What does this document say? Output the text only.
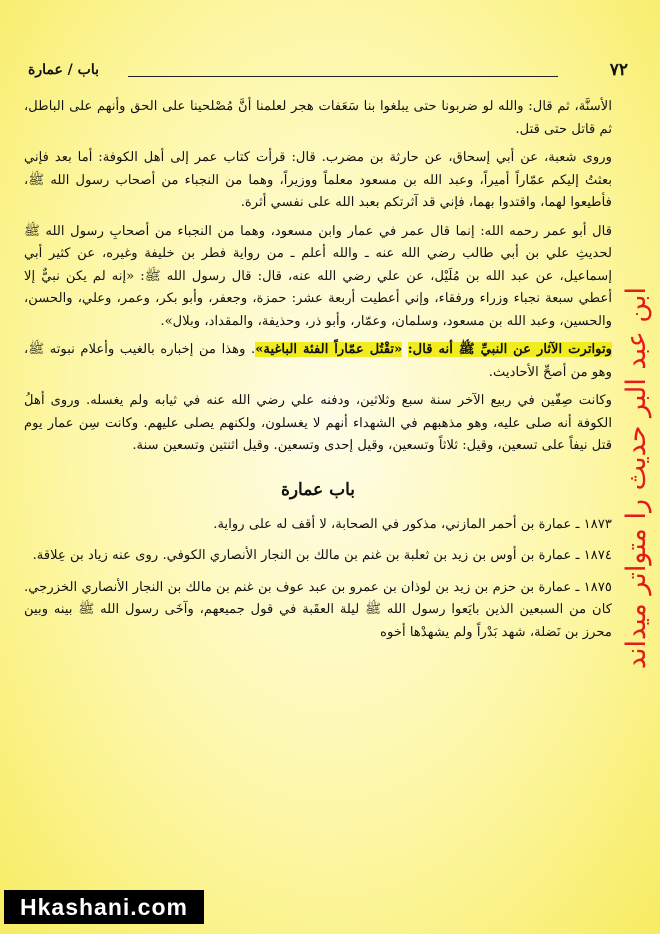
٧٢
باب / عمارة

الأسنَّة، ثم قال: والله لو ضربونا حتى يبلغوا بنا سَعَفات هجر لعلمنا أنَّ مُصْلحينا على الحق وأنهم على الباطل، ثم قاتل حتى قتل.

وروى شعبة، عن أبي إسحاق، عن حارثة بن مضرب. قال: قرأت كتاب عمر إلى أهل الكوفة: أما بعد فإني بعثتُ إليكم عمّاراً أميراً، وعبد الله بن مسعود معلماً ووزيراً، وهما من النجباء من أصحاب رسول الله ﷺ، فأطيعوا لهما، واقتدوا بهما، فإني قد آثرتكم بعبد الله على نفسي أثرة.

قال أبو عمر رحمه الله: إنما قال عمر في عمار وابن مسعود، وهما من النجباء من أصحابِ رسول الله ﷺ لحديثِ علي بن أبي طالب رضي الله عنه ـ والله أعلم ـ من رواية فطر بن خليفة وغيره، عن كثير أبي إسماعيل، عن عبد الله بن مُلَيْل، عن علي رضي الله عنه، قال: قال رسول الله ﷺ: «إنه لم يكن نبيٌّ إلا أعطي سبعة نجباء وزراء ورفقاء، وإني أعطيت أربعة عشر: حمزة، وجعفر، وأبو بكر، وعمر، وعلي، والحسن، والحسين، وعبد الله بن مسعود، وسلمان، وعمّار، وأبو ذر، وحذيفة، والمقداد، وبلال».

وتواترت الآثار عن النبيِّ ﷺ أنه قال: «تقْتُل عمّاراً الفئة الباغية». وهذا من إخباره بالغيب وأعلام نبوته ﷺ، وهو من أصحِّ الأحاديث.

وكانت صِفّين في ربيع الآخر سنة سبع وثلاثين، ودفنه علي رضي الله عنه في ثيابه ولم يغسله. وروى أهلُ الكوفة أنه صلى عليه، وهو مذهبهم في الشهداء أنهم لا يغسلون، ولكنهم يصلى عليهم. وكانت سِن عمار يوم قتل نيفاً على تسعين، وقيل: ثلاثاً وتسعين، وقيل إحدى وتسعين. وقيل اثنتين وتسعين سنة.

باب عمارة

١٨٧٣ ـ عمارة بن أحمر المازني، مذكور في الصحابة، لا أقف له على رواية.

١٨٧٤ ـ عمارة بن أوس بن زيد بن ثعلبة بن غنم بن مالك بن النجار الأنصاري الكوفي. روى عنه زياد بن عِلاقة.

١٨٧٥ ـ عمارة بن حزم بن زيد بن لوذان بن عمرو بن عبد عوف بن غنم بن مالك بن النجار الأنصاري الخزرجي. كان من السبعين الذين بايَعوا رسول الله ﷺ ليلة العقَبة في قول جميعهم، وآخَى رسول الله ﷺ بينه وبين محرز بن نَضلة، شهد بَدْراً ولم يشهدْها أخوه ابن عبد البر حدیث را متواتر میداند
Hkashani.com
